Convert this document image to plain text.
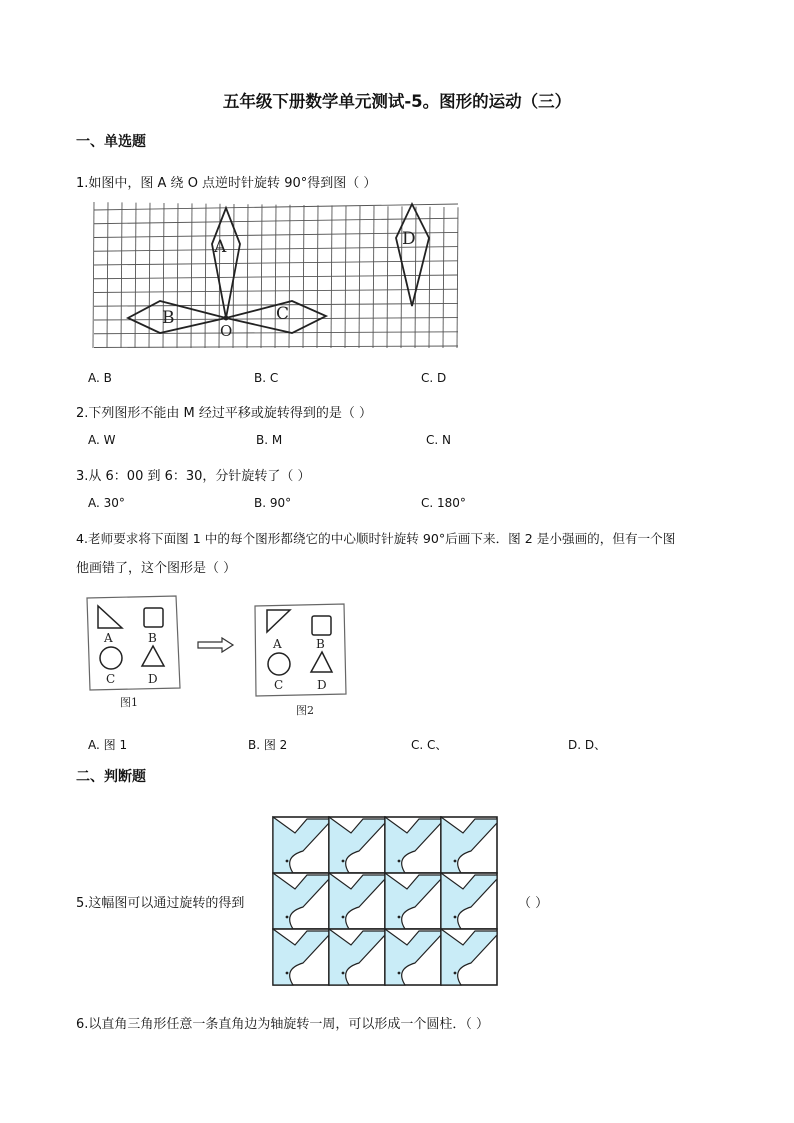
五年级下册数学单元测试-5。图形的运动（三）
一、单选题
1.如图中，图 A 绕 O 点逆时针旋转 90°得到图（ ）
A
B	C
D
O
A. B	B. C	C. D
2.下列图形不能由 M 经过平移或旋转得到的是（ ）
A. W	B. M	C. N
3.从 6：00 到 6：30，分针旋转了（ ）
A. 30°	B. 90°	C. 180°
4.老师要求将下面图 1 中的每个图形都绕它的中心顺时针旋转 90°后画下来．图 2 是小强画的，但有一个图
他画错了，这个图形是（ ）
A	B
C	D
图1
A	B
C	D
图2
A. 图 1	B. 图 2	C. C、	D. D、
二、判断题
5.这幅图可以通过旋转的得到	（ ）
6.以直角三角形任意一条直角边为轴旋转一周，可以形成一个圆柱．（ ）
